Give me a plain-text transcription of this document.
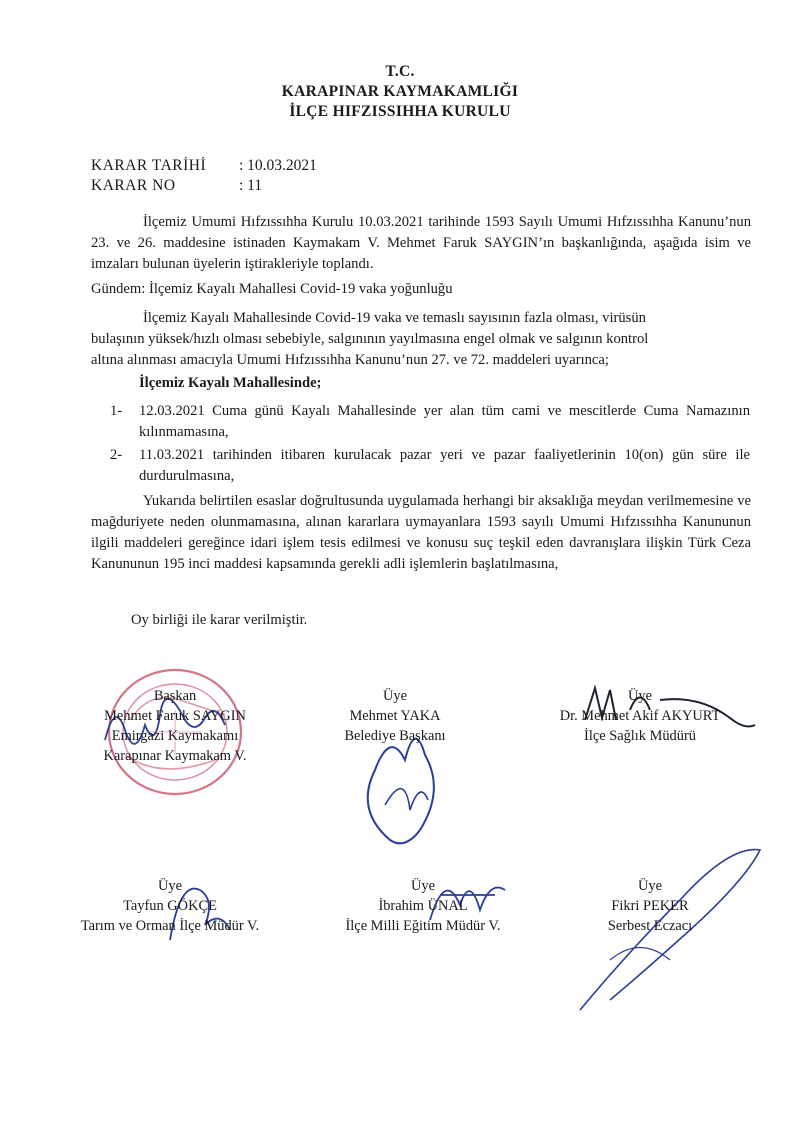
T.C.
KARAPINAR KAYMAKAMLIĞI
İLÇE HIFZISSIHHA KURULU
KARAR TARİHİ : 10.03.2021
KARAR NO	: 11
İlçemiz Umumi Hıfzıssıhha Kurulu 10.03.2021 tarihinde 1593 Sayılı Umumi Hıfzıssıhha Kanunu’nun 23. ve 26. maddesine istinaden Kaymakam V. Mehmet Faruk SAYGIN’ın başkanlığında, aşağıda isim ve imzaları bulunan üyelerin iştirakleriyle toplandı.
Gündem: İlçemiz Kayalı Mahallesi Covid-19 vaka yoğunluğu
İlçemiz Kayalı Mahallesinde Covid-19 vaka ve temaslı sayısının fazla olması, virüsün
bulaşının yüksek/hızlı olması sebebiyle, salgınının yayılmasına engel olmak ve salgının kontrol
altına alınması amacıyla Umumi Hıfzıssıhha Kanunu’nun 27. ve 72. maddeleri uyarınca;
İlçemiz Kayalı Mahallesinde;
1- 12.03.2021 Cuma günü Kayalı Mahallesinde yer alan tüm cami ve mescitlerde Cuma Namazının kılınmamasına,
2- 11.03.2021 tarihinden itibaren kurulacak pazar yeri ve pazar faaliyetlerinin 10(on) gün süre ile durdurulmasına,
Yukarıda belirtilen esaslar doğrultusunda uygulamada herhangi bir aksaklığa meydan verilmemesine ve mağduriyete neden olunmamasına, alınan kararlara uymayanlara 1593 sayılı Umumi Hıfzıssıhha Kanununun ilgili maddeleri gereğince idari işlem tesis edilmesi ve konusu suç teşkil eden davranışlara ilişkin Türk Ceza Kanununun 195 inci maddesi kapsamında gerekli adli işlemlerin başlatılmasına,
Oy birliği ile karar verilmiştir.
Başkan
Mehmet Faruk SAYGIN
Emirgazi Kaymakamı
Karapınar Kaymakam V.
Üye
Mehmet YAKA
Belediye Başkanı
Üye
Dr. Mehmet Akif AKYURT
İlçe Sağlık Müdürü
Üye
Tayfun GÖKÇE
Tarım ve Orman İlçe Müdür V.
Üye
İbrahim ÜNAL
İlçe Milli Eğitim Müdür V.
Üye
Fikri PEKER
Serbest Eczacı
